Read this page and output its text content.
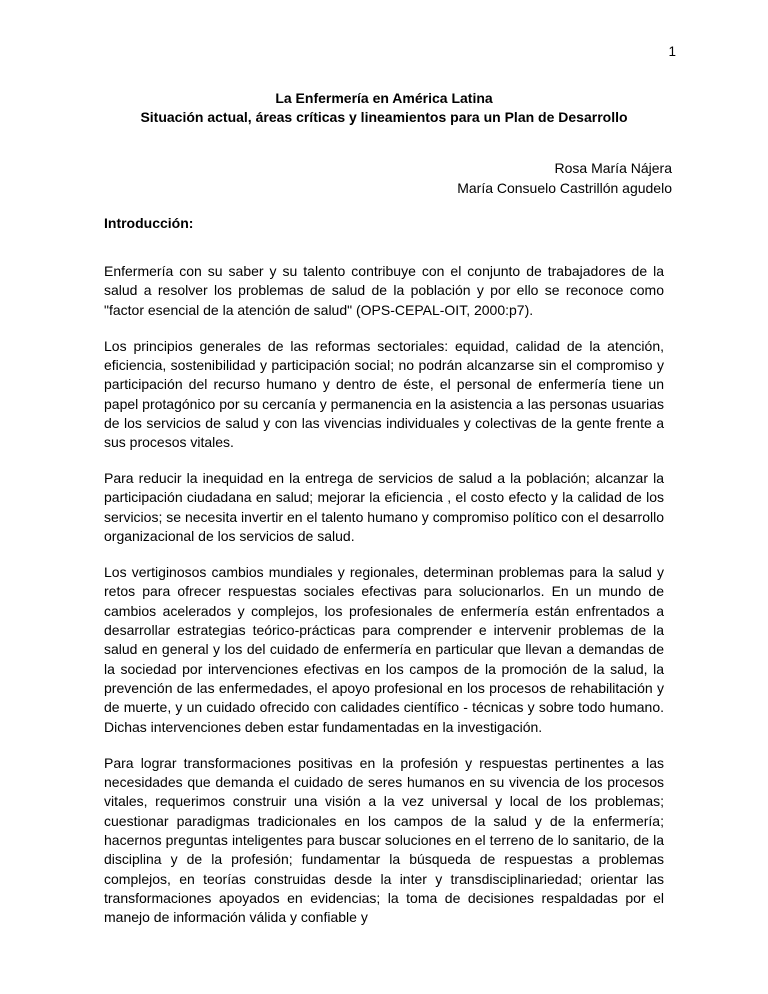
1
La Enfermería en América Latina
Situación actual, áreas críticas y lineamientos para un Plan de Desarrollo
Rosa María Nájera
María Consuelo Castrillón agudelo
Introducción:

Enfermería con su saber y su talento contribuye con el conjunto de trabajadores de la salud a resolver los problemas de salud de la población y por ello se reconoce como "factor esencial de la atención de salud" (OPS-CEPAL-OIT, 2000:p7).

Los principios generales de las reformas sectoriales: equidad, calidad de la atención, eficiencia, sostenibilidad y participación social; no podrán alcanzarse sin el compromiso y participación del recurso humano y dentro de éste, el personal de enfermería tiene un papel protagónico por su cercanía y permanencia en la asistencia a las personas usuarias de los servicios de salud y con las vivencias individuales y colectivas de la gente frente a sus procesos vitales.

Para reducir la inequidad en la entrega de servicios de salud a la población; alcanzar la participación ciudadana en salud; mejorar la eficiencia , el costo efecto y la calidad de los servicios; se necesita invertir en el talento humano y compromiso político con el desarrollo organizacional de los servicios de salud.

Los vertiginosos cambios mundiales y regionales, determinan problemas para la salud y retos para ofrecer respuestas sociales efectivas para solucionarlos. En un mundo de cambios acelerados y complejos, los profesionales de enfermería están enfrentados a desarrollar estrategias teórico-prácticas para comprender e intervenir problemas de la salud en general y los del cuidado de enfermería en particular que llevan a demandas de la sociedad por intervenciones efectivas en los campos de la promoción de la salud, la prevención de las enfermedades, el apoyo profesional en los procesos de rehabilitación y de muerte, y un cuidado ofrecido con calidades científico - técnicas y sobre todo humano. Dichas intervenciones deben estar fundamentadas en la investigación.

Para lograr transformaciones positivas en la profesión y respuestas pertinentes a las necesidades que demanda el cuidado de seres humanos en su vivencia de los procesos vitales, requerimos construir una visión a la vez universal y local de los problemas; cuestionar paradigmas tradicionales en los campos de la salud y de la enfermería; hacernos preguntas inteligentes para buscar soluciones en el terreno de lo sanitario, de la disciplina y de la profesión; fundamentar la búsqueda de respuestas a problemas complejos, en teorías construidas desde la inter y transdisciplinariedad; orientar las transformaciones apoyados en evidencias; la toma de decisiones respaldadas por el manejo de información válida y confiable y
